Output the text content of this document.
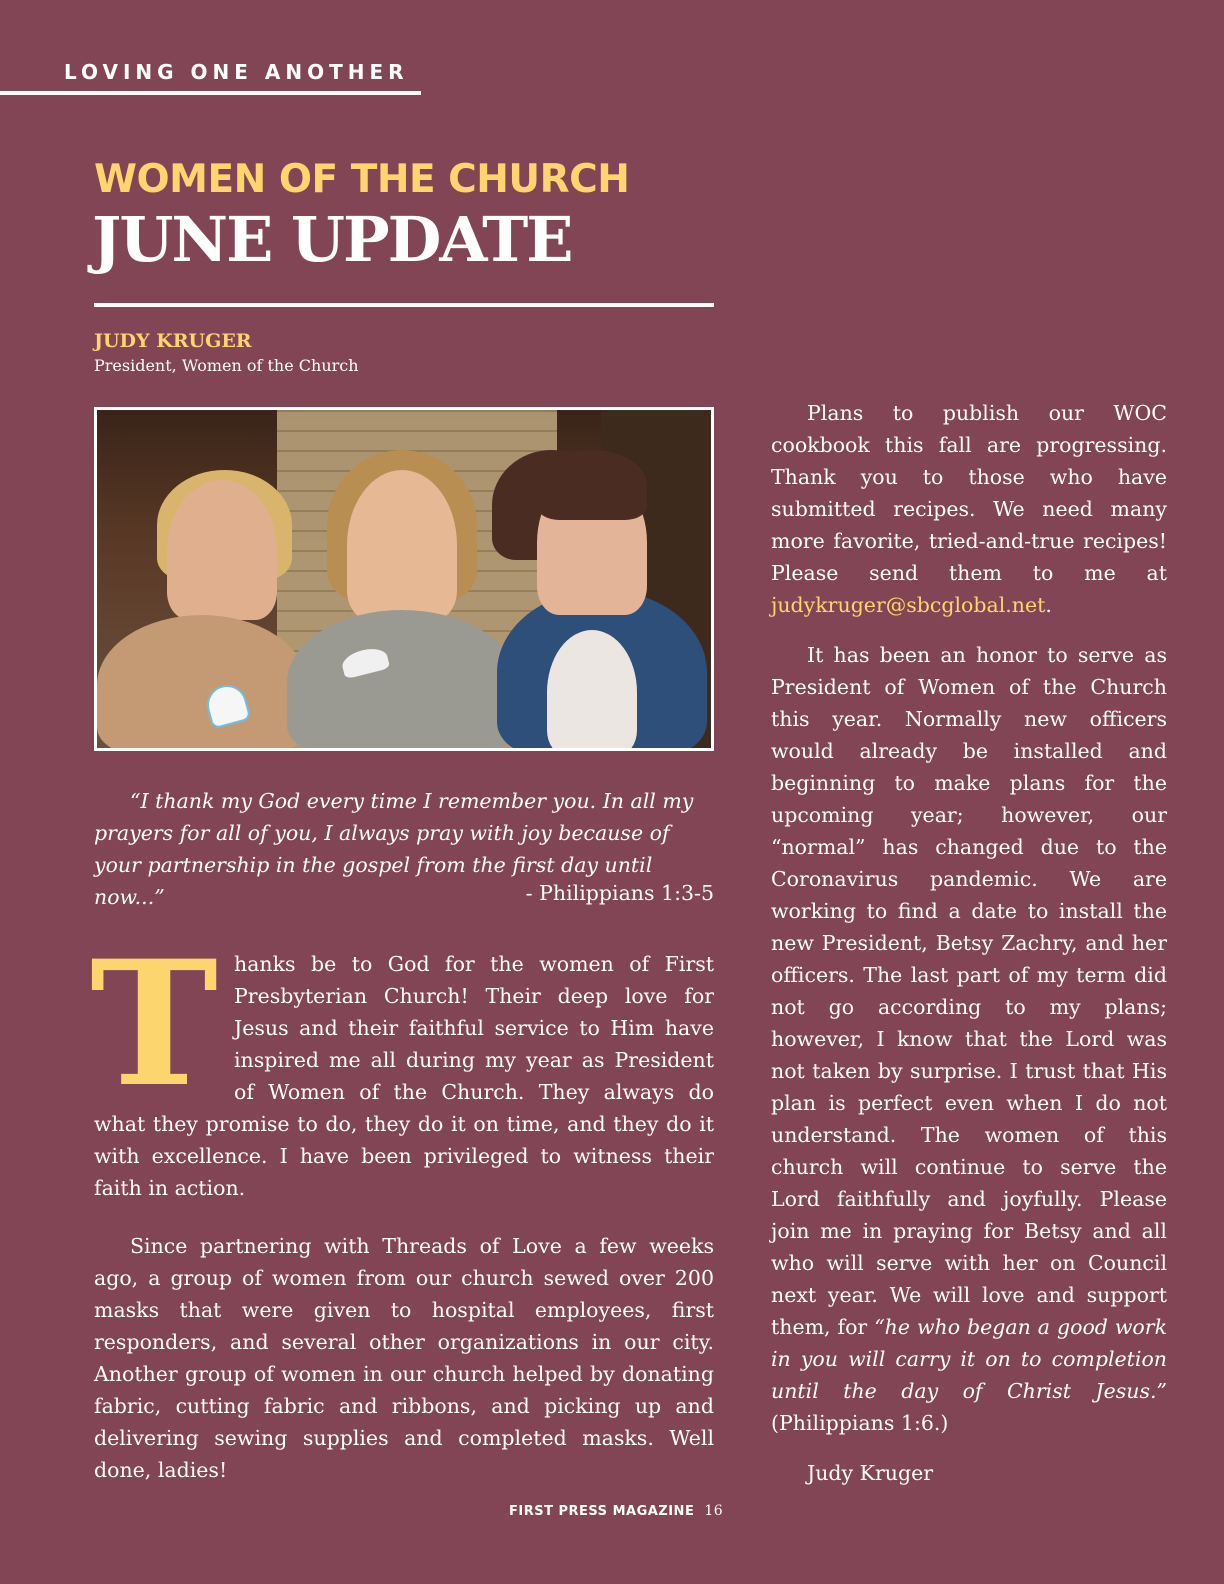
LOVING ONE ANOTHER
WOMEN OF THE CHURCH
JUNE UPDATE
JUDY KRUGER
President, Women of the Church
“I thank my God every time I remember you. In all my prayers for all of you, I always pray with joy because of your partnership in the gospel from the first day until now...”	- Philippians 1:3-5
T hanks be to God for the women of First Presbyterian Church! Their deep love for Jesus and their faithful service to Him have inspired me all during my year as President of Women of the Church. They always do what they promise to do, they do it on time, and they do it with excellence. I have been privileged to witness their faith in action.

Since partnering with Threads of Love a few weeks ago, a group of women from our church sewed over 200 masks that were given to hospital employees, first responders, and several other organizations in our city. Another group of women in our church helped by donating fabric, cutting fabric and ribbons, and picking up and delivering sewing supplies and completed masks. Well done, ladies!

Plans to publish our WOC cookbook this fall are progressing. Thank you to those who have submitted recipes. We need many more favorite, tried-and-true recipes! Please send them to me at judykruger@sbcglobal.net.

It has been an honor to serve as President of Women of the Church this year. Normally new officers would already be installed and beginning to make plans for the upcoming year; however, our “normal” has changed due to the Coronavirus pandemic. We are working to find a date to install the new President, Betsy Zachry, and her officers. The last part of my term did not go according to my plans; however, I know that the Lord was not taken by surprise. I trust that His plan is perfect even when I do not understand. The women of this church will continue to serve the Lord faithfully and joyfully. Please join me in praying for Betsy and all who will serve with her on Council next year. We will love and support them, for “he who began a good work in you will carry it on to completion until the day of Christ Jesus.” (Philippians 1:6.)

Judy Kruger

FIRST PRESS MAGAZINE 16
